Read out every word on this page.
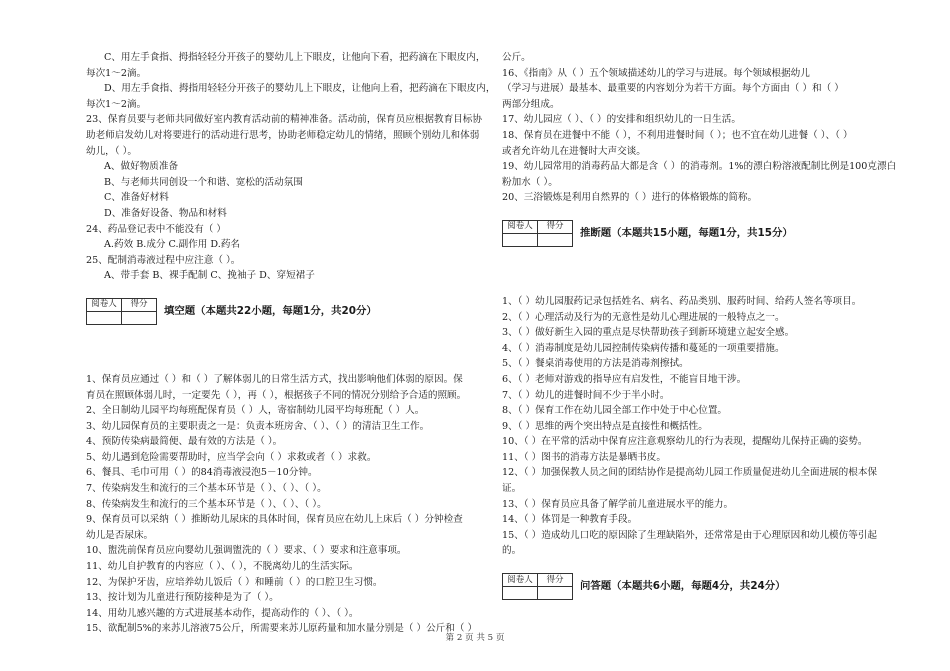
C、用左手食指、拇指轻轻分开孩子的婴幼儿上下眼皮，让他向下看，把药滴在下眼皮内，
每次1～2滴。
D、用左手食指、拇指用轻轻分开孩子的婴幼儿上下眼皮，让他向上看，把药滴在下眼皮内，
每次1～2滴。
23、保育员要与老师共同做好室内教育活动前的精神准备。活动前，保育员应根据教育目标协
助老师启发幼儿对将要进行的活动进行思考，协助老师稳定幼儿的情绪，照顾个别幼儿和体弱
幼儿，（ ）。
A、做好物质准备
B、与老师共同创设一个和谐、宽松的活动氛围
C、准备好材料
D、准备好设备、物品和材料
24、药品登记表中不能没有（ ）
A.药效 B.成分 C.副作用 D.药名
25、配制消毒液过程中应注意（ ）。
A、带手套 B、裸手配制 C、挽袖子 D、穿短裙子
阅卷人	得分

填空题（本题共22小题，每题1分，共20分）
1、保育员应通过（ ）和（ ）了解体弱儿的日常生活方式，找出影响他们体弱的原因。保
育员在照顾体弱儿时，一定要先（ ），再（ ），根据孩子不同的情况分别给予合适的照顾。
2、全日制幼儿园平均每班配保育员（ ）人，寄宿制幼儿园平均每班配（ ）人。
3、幼儿园保育员的主要职责之一是：负责本班房舍、（ ）、（ ）的清洁卫生工作。
4、预防传染病最简便、最有效的方法是（ ）。
5、幼儿遇到危险需要帮助时，应当学会向（ ）求救或者（ ）求救。
6、餐具、毛巾可用（ ）的84消毒液浸泡5－10分钟。
7、传染病发生和流行的三个基本环节是（ ）、（ ）、（ ）。
8、传染病发生和流行的三个基本环节是（ ）、（ ）、（ ）。
9、保育员可以采纳（ ）推断幼儿尿床的具体时间，保育员应在幼儿上床后（ ）分钟检查
幼儿是否尿床。
10、盥洗前保育员应向婴幼儿强调盥洗的（ ）要求、（ ）要求和注意事项。
11、幼儿自护教育的内容应（ ）、（ ），不脱离幼儿的生活实际。
12、为保护牙齿，应培养幼儿饭后（ ）和睡前（ ）的口腔卫生习惯。
13、按计划为儿童进行预防接种是为了（ ）。
14、用幼儿感兴趣的方式进展基本动作，提高动作的（ ）、（ ）。
15、欲配制5%的来苏儿溶液75公斤，所需要来苏儿原药量和加水量分别是（ ）公斤和（ ）
公斤。
16、《指南》从（ ）五个领域描述幼儿的学习与进展。每个领域根据幼儿
（学习与进展）最基本、最重要的内容划分为若干方面。每个方面由（ ）和（ ）
两部分组成。
17、幼儿园应（ ）、（ ）的安排和组织幼儿的一日生活。
18、保育员在进餐中不能（ ），不利用进餐时间（ ）；也不宜在幼儿进餐（ ）、（ ）
或者允许幼儿在进餐时大声交谈。
19、幼儿园常用的消毒药品大都是含（ ）的消毒剂。1%的漂白粉溶液配制比例是100克漂白
粉加水（ ）。
20、三浴锻炼是利用自然界的（ ）进行的体格锻炼的简称。
阅卷人	得分

推断题（本题共15小题，每题1分，共15分）
1、（ ）幼儿园服药记录包括姓名、病名、药品类别、服药时间、给药人签名等项目。
2、（ ）心理活动及行为的无意性是幼儿心理进展的一般特点之一。
3、（ ）做好新生入园的重点是尽快帮助孩子到新环境建立起安全感。
4、（ ）消毒制度是幼儿园控制传染病传播和蔓延的一项重要措施。
5、（ ）餐桌消毒使用的方法是消毒剂擦拭。
6、（ ）老师对游戏的指导应有启发性，不能盲目地干涉。
7、（ ）幼儿的进餐时间不少于半小时。
8、（ ）保育工作在幼儿园全部工作中处于中心位置。
9、（ ）思维的两个突出特点是直接性和概括性。
10、（ ）在平常的活动中保育应注意观察幼儿的行为表现，提醒幼儿保持正确的姿势。
11、（ ）图书的消毒方法是暴晒书皮。
12、（ ）加强保教人员之间的团结协作是提高幼儿园工作质量促进幼儿全面进展的根本保
证。
13、（ ）保育员应具备了解学前儿童进展水平的能力。
14、（ ）体罚是一种教育手段。
15、（ ）造成幼儿口吃的原因除了生理缺陷外，还常常是由于心理原因和幼儿模仿等引起
的。
阅卷人	得分

问答题（本题共6小题，每题4分，共24分）
第 2 页 共 5 页
